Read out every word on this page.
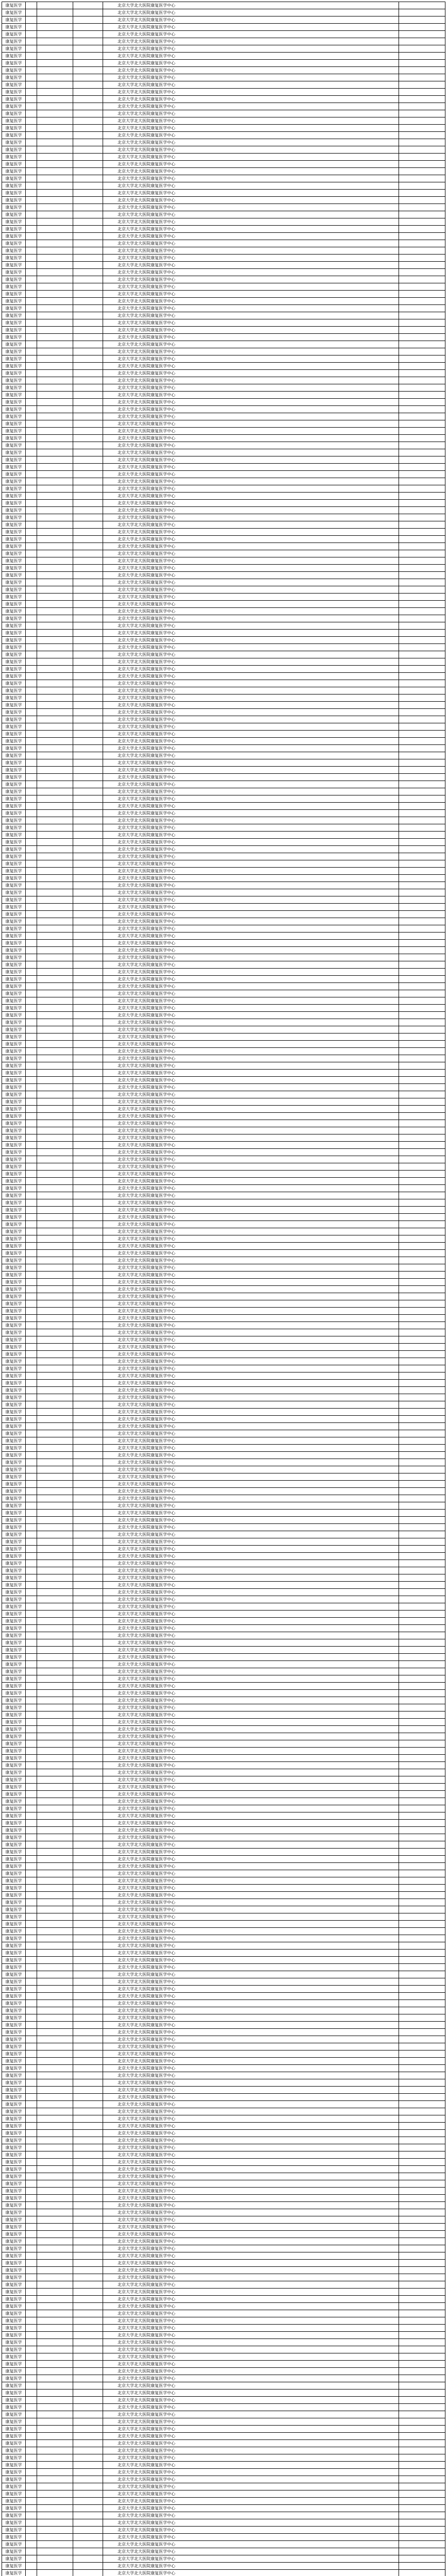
康复医学				北京大学北大医院康复医学中心	
康复医学				北京大学北大医院康复医学中心	
康复医学				北京大学北大医院康复医学中心	
康复医学				北京大学北大医院康复医学中心	
康复医学				北京大学北大医院康复医学中心	
康复医学				北京大学北大医院康复医学中心	
康复医学				北京大学北大医院康复医学中心	
康复医学				北京大学北大医院康复医学中心	
康复医学				北京大学北大医院康复医学中心	
康复医学				北京大学北大医院康复医学中心	
康复医学				北京大学北大医院康复医学中心	
康复医学				北京大学北大医院康复医学中心	
康复医学				北京大学北大医院康复医学中心	
康复医学				北京大学北大医院康复医学中心	
康复医学				北京大学北大医院康复医学中心	
康复医学				北京大学北大医院康复医学中心	
康复医学				北京大学北大医院康复医学中心	
康复医学				北京大学北大医院康复医学中心	
康复医学				北京大学北大医院康复医学中心	
康复医学				北京大学北大医院康复医学中心	
康复医学				北京大学北大医院康复医学中心	
康复医学				北京大学北大医院康复医学中心	
康复医学				北京大学北大医院康复医学中心	
康复医学				北京大学北大医院康复医学中心	
康复医学				北京大学北大医院康复医学中心	
康复医学				北京大学北大医院康复医学中心	
康复医学				北京大学北大医院康复医学中心	
康复医学				北京大学北大医院康复医学中心	
康复医学				北京大学北大医院康复医学中心	
康复医学				北京大学北大医院康复医学中心	
康复医学				北京大学北大医院康复医学中心	
康复医学				北京大学北大医院康复医学中心	
康复医学				北京大学北大医院康复医学中心	
康复医学				北京大学北大医院康复医学中心	
康复医学				北京大学北大医院康复医学中心	
康复医学				北京大学北大医院康复医学中心	
康复医学				北京大学北大医院康复医学中心	
康复医学				北京大学北大医院康复医学中心	
康复医学				北京大学北大医院康复医学中心	
康复医学				北京大学北大医院康复医学中心	
康复医学				北京大学北大医院康复医学中心	
康复医学				北京大学北大医院康复医学中心	
康复医学				北京大学北大医院康复医学中心	
康复医学				北京大学北大医院康复医学中心	
康复医学				北京大学北大医院康复医学中心	
康复医学				北京大学北大医院康复医学中心	
康复医学				北京大学北大医院康复医学中心	
康复医学				北京大学北大医院康复医学中心	
康复医学				北京大学北大医院康复医学中心	
康复医学				北京大学北大医院康复医学中心	
康复医学				北京大学北大医院康复医学中心	
康复医学				北京大学北大医院康复医学中心	
康复医学				北京大学北大医院康复医学中心	
康复医学				北京大学北大医院康复医学中心	
康复医学				北京大学北大医院康复医学中心	
康复医学				北京大学北大医院康复医学中心	
康复医学				北京大学北大医院康复医学中心	
康复医学				北京大学北大医院康复医学中心	
康复医学				北京大学北大医院康复医学中心	
康复医学				北京大学北大医院康复医学中心	
康复医学				北京大学北大医院康复医学中心	
康复医学				北京大学北大医院康复医学中心	
康复医学				北京大学北大医院康复医学中心	
康复医学				北京大学北大医院康复医学中心	
康复医学				北京大学北大医院康复医学中心	
康复医学				北京大学北大医院康复医学中心	
康复医学				北京大学北大医院康复医学中心	
康复医学				北京大学北大医院康复医学中心	
康复医学				北京大学北大医院康复医学中心	
康复医学				北京大学北大医院康复医学中心	
康复医学				北京大学北大医院康复医学中心	
康复医学				北京大学北大医院康复医学中心	
康复医学				北京大学北大医院康复医学中心	
康复医学				北京大学北大医院康复医学中心	
康复医学				北京大学北大医院康复医学中心	
康复医学				北京大学北大医院康复医学中心	
康复医学				北京大学北大医院康复医学中心	
康复医学				北京大学北大医院康复医学中心	
康复医学				北京大学北大医院康复医学中心	
康复医学				北京大学北大医院康复医学中心	
康复医学				北京大学北大医院康复医学中心	
康复医学				北京大学北大医院康复医学中心	
康复医学				北京大学北大医院康复医学中心	
康复医学				北京大学北大医院康复医学中心	
康复医学				北京大学北大医院康复医学中心	
康复医学				北京大学北大医院康复医学中心	
康复医学				北京大学北大医院康复医学中心	
康复医学				北京大学北大医院康复医学中心	
康复医学				北京大学北大医院康复医学中心	
康复医学				北京大学北大医院康复医学中心	
康复医学				北京大学北大医院康复医学中心	
康复医学				北京大学北大医院康复医学中心	
康复医学				北京大学北大医院康复医学中心	
康复医学				北京大学北大医院康复医学中心	
康复医学				北京大学北大医院康复医学中心	
康复医学				北京大学北大医院康复医学中心	
康复医学				北京大学北大医院康复医学中心	
康复医学				北京大学北大医院康复医学中心	
康复医学				北京大学北大医院康复医学中心	
康复医学				北京大学北大医院康复医学中心	
康复医学				北京大学北大医院康复医学中心	
康复医学				北京大学北大医院康复医学中心	
康复医学				北京大学北大医院康复医学中心	
康复医学				北京大学北大医院康复医学中心	
康复医学				北京大学北大医院康复医学中心	
康复医学				北京大学北大医院康复医学中心	
康复医学				北京大学北大医院康复医学中心	
康复医学				北京大学北大医院康复医学中心	
康复医学				北京大学北大医院康复医学中心	
康复医学				北京大学北大医院康复医学中心	
康复医学				北京大学北大医院康复医学中心	
康复医学				北京大学北大医院康复医学中心	
康复医学				北京大学北大医院康复医学中心	
康复医学				北京大学北大医院康复医学中心	
康复医学				北京大学北大医院康复医学中心	
康复医学				北京大学北大医院康复医学中心	
康复医学				北京大学北大医院康复医学中心	
康复医学				北京大学北大医院康复医学中心	
康复医学				北京大学北大医院康复医学中心	
康复医学				北京大学北大医院康复医学中心	
康复医学				北京大学北大医院康复医学中心	
康复医学				北京大学北大医院康复医学中心	
康复医学				北京大学北大医院康复医学中心	
康复医学				北京大学北大医院康复医学中心	
康复医学				北京大学北大医院康复医学中心	
康复医学				北京大学北大医院康复医学中心	
康复医学				北京大学北大医院康复医学中心	
康复医学				北京大学北大医院康复医学中心	
康复医学				北京大学北大医院康复医学中心	
康复医学				北京大学北大医院康复医学中心	
康复医学				北京大学北大医院康复医学中心	
康复医学				北京大学北大医院康复医学中心	
康复医学				北京大学北大医院康复医学中心	
康复医学				北京大学北大医院康复医学中心	
康复医学				北京大学北大医院康复医学中心	
康复医学				北京大学北大医院康复医学中心	
康复医学				北京大学北大医院康复医学中心	
康复医学				北京大学北大医院康复医学中心	
康复医学				北京大学北大医院康复医学中心	
康复医学				北京大学北大医院康复医学中心	
康复医学				北京大学北大医院康复医学中心	
康复医学				北京大学北大医院康复医学中心	
康复医学				北京大学北大医院康复医学中心	
康复医学				北京大学北大医院康复医学中心	
康复医学				北京大学北大医院康复医学中心	
康复医学				北京大学北大医院康复医学中心	
康复医学				北京大学北大医院康复医学中心	
康复医学				北京大学北大医院康复医学中心	
康复医学				北京大学北大医院康复医学中心	
康复医学				北京大学北大医院康复医学中心	
康复医学				北京大学北大医院康复医学中心	
康复医学				北京大学北大医院康复医学中心	
康复医学				北京大学北大医院康复医学中心	
康复医学				北京大学北大医院康复医学中心	
康复医学				北京大学北大医院康复医学中心	
康复医学				北京大学北大医院康复医学中心	
康复医学				北京大学北大医院康复医学中心	
康复医学				北京大学北大医院康复医学中心	
康复医学				北京大学北大医院康复医学中心	
康复医学				北京大学北大医院康复医学中心	
康复医学				北京大学北大医院康复医学中心	
康复医学				北京大学北大医院康复医学中心	
康复医学				北京大学北大医院康复医学中心	
康复医学				北京大学北大医院康复医学中心	
康复医学				北京大学北大医院康复医学中心	
康复医学				北京大学北大医院康复医学中心	
康复医学				北京大学北大医院康复医学中心	
康复医学				北京大学北大医院康复医学中心	
康复医学				北京大学北大医院康复医学中心	
康复医学				北京大学北大医院康复医学中心	
康复医学				北京大学北大医院康复医学中心	
康复医学				北京大学北大医院康复医学中心	
康复医学				北京大学北大医院康复医学中心	
康复医学				北京大学北大医院康复医学中心	
康复医学				北京大学北大医院康复医学中心	
康复医学				北京大学北大医院康复医学中心	
康复医学				北京大学北大医院康复医学中心	
康复医学				北京大学北大医院康复医学中心	
康复医学				北京大学北大医院康复医学中心	
康复医学				北京大学北大医院康复医学中心	
康复医学				北京大学北大医院康复医学中心	
康复医学				北京大学北大医院康复医学中心	
康复医学				北京大学北大医院康复医学中心	
康复医学				北京大学北大医院康复医学中心	
康复医学				北京大学北大医院康复医学中心	
康复医学				北京大学北大医院康复医学中心	
康复医学				北京大学北大医院康复医学中心	
康复医学				北京大学北大医院康复医学中心	
康复医学				北京大学北大医院康复医学中心	
康复医学				北京大学北大医院康复医学中心	
康复医学				北京大学北大医院康复医学中心	
康复医学				北京大学北大医院康复医学中心	
康复医学				北京大学北大医院康复医学中心	
康复医学				北京大学北大医院康复医学中心	
康复医学				北京大学北大医院康复医学中心	
康复医学				北京大学北大医院康复医学中心	
康复医学				北京大学北大医院康复医学中心	
康复医学				北京大学北大医院康复医学中心	
康复医学				北京大学北大医院康复医学中心	
康复医学				北京大学北大医院康复医学中心	
康复医学				北京大学北大医院康复医学中心	
康复医学				北京大学北大医院康复医学中心	
康复医学				北京大学北大医院康复医学中心	
康复医学				北京大学北大医院康复医学中心	
康复医学				北京大学北大医院康复医学中心	
康复医学				北京大学北大医院康复医学中心	
康复医学				北京大学北大医院康复医学中心	
康复医学				北京大学北大医院康复医学中心	
康复医学				北京大学北大医院康复医学中心	
康复医学				北京大学北大医院康复医学中心	
康复医学				北京大学北大医院康复医学中心	
康复医学				北京大学北大医院康复医学中心	
康复医学				北京大学北大医院康复医学中心	
康复医学				北京大学北大医院康复医学中心	
康复医学				北京大学北大医院康复医学中心	
康复医学				北京大学北大医院康复医学中心	
康复医学				北京大学北大医院康复医学中心	
康复医学				北京大学北大医院康复医学中心	
康复医学				北京大学北大医院康复医学中心	
康复医学				北京大学北大医院康复医学中心	
康复医学				北京大学北大医院康复医学中心	
康复医学				北京大学北大医院康复医学中心	
康复医学				北京大学北大医院康复医学中心	
康复医学				北京大学北大医院康复医学中心	
康复医学				北京大学北大医院康复医学中心	
康复医学				北京大学北大医院康复医学中心	
康复医学				北京大学北大医院康复医学中心	
康复医学				北京大学北大医院康复医学中心	
康复医学				北京大学北大医院康复医学中心	
康复医学				北京大学北大医院康复医学中心	
康复医学				北京大学北大医院康复医学中心	
康复医学				北京大学北大医院康复医学中心	
康复医学				北京大学北大医院康复医学中心	
康复医学				北京大学北大医院康复医学中心	
康复医学				北京大学北大医院康复医学中心	
康复医学				北京大学北大医院康复医学中心	
康复医学				北京大学北大医院康复医学中心	
康复医学				北京大学北大医院康复医学中心	
康复医学				北京大学北大医院康复医学中心	
康复医学				北京大学北大医院康复医学中心	
康复医学				北京大学北大医院康复医学中心	
康复医学				北京大学北大医院康复医学中心	
康复医学				北京大学北大医院康复医学中心	
康复医学				北京大学北大医院康复医学中心	
康复医学				北京大学北大医院康复医学中心	
康复医学				北京大学北大医院康复医学中心	
康复医学				北京大学北大医院康复医学中心	
康复医学				北京大学北大医院康复医学中心	
康复医学				北京大学北大医院康复医学中心	
康复医学				北京大学北大医院康复医学中心	
康复医学				北京大学北大医院康复医学中心	
康复医学				北京大学北大医院康复医学中心	
康复医学				北京大学北大医院康复医学中心	
康复医学				北京大学北大医院康复医学中心	
康复医学				北京大学北大医院康复医学中心	
康复医学				北京大学北大医院康复医学中心	
康复医学				北京大学北大医院康复医学中心	
康复医学				北京大学北大医院康复医学中心	
康复医学				北京大学北大医院康复医学中心	
康复医学				北京大学北大医院康复医学中心	
康复医学				北京大学北大医院康复医学中心	
康复医学				北京大学北大医院康复医学中心	
康复医学				北京大学北大医院康复医学中心	
康复医学				北京大学北大医院康复医学中心	
康复医学				北京大学北大医院康复医学中心	
康复医学				北京大学北大医院康复医学中心	
康复医学				北京大学北大医院康复医学中心	
康复医学				北京大学北大医院康复医学中心	
康复医学				北京大学北大医院康复医学中心	
康复医学				北京大学北大医院康复医学中心	
康复医学				北京大学北大医院康复医学中心	
康复医学				北京大学北大医院康复医学中心	
康复医学				北京大学北大医院康复医学中心	
康复医学				北京大学北大医院康复医学中心	
康复医学				北京大学北大医院康复医学中心	
康复医学				北京大学北大医院康复医学中心	
康复医学				北京大学北大医院康复医学中心	
康复医学				北京大学北大医院康复医学中心	
康复医学				北京大学北大医院康复医学中心	
康复医学				北京大学北大医院康复医学中心	
康复医学				北京大学北大医院康复医学中心	
康复医学				北京大学北大医院康复医学中心	
康复医学				北京大学北大医院康复医学中心	
康复医学				北京大学北大医院康复医学中心	
康复医学				北京大学北大医院康复医学中心	
康复医学				北京大学北大医院康复医学中心	
康复医学				北京大学北大医院康复医学中心	
康复医学				北京大学北大医院康复医学中心	
康复医学				北京大学北大医院康复医学中心	
康复医学				北京大学北大医院康复医学中心	
康复医学				北京大学北大医院康复医学中心	
康复医学				北京大学北大医院康复医学中心	
康复医学				北京大学北大医院康复医学中心	
康复医学				北京大学北大医院康复医学中心	
康复医学				北京大学北大医院康复医学中心	
康复医学				北京大学北大医院康复医学中心	
康复医学				北京大学北大医院康复医学中心	
康复医学				北京大学北大医院康复医学中心	
康复医学				北京大学北大医院康复医学中心	
康复医学				北京大学北大医院康复医学中心	
康复医学				北京大学北大医院康复医学中心	
康复医学				北京大学北大医院康复医学中心	
康复医学				北京大学北大医院康复医学中心	
康复医学				北京大学北大医院康复医学中心	
康复医学				北京大学北大医院康复医学中心	
康复医学				北京大学北大医院康复医学中心	
康复医学				北京大学北大医院康复医学中心	
康复医学				北京大学北大医院康复医学中心	
康复医学				北京大学北大医院康复医学中心	
康复医学				北京大学北大医院康复医学中心	
康复医学				北京大学北大医院康复医学中心	
康复医学				北京大学北大医院康复医学中心	
康复医学				北京大学北大医院康复医学中心	
康复医学				北京大学北大医院康复医学中心	
康复医学				北京大学北大医院康复医学中心	
康复医学				北京大学北大医院康复医学中心	
康复医学				北京大学北大医院康复医学中心	
康复医学				北京大学北大医院康复医学中心	
康复医学				北京大学北大医院康复医学中心	
康复医学				北京大学北大医院康复医学中心	
康复医学				北京大学北大医院康复医学中心	
康复医学				北京大学北大医院康复医学中心	
康复医学				北京大学北大医院康复医学中心	
康复医学				北京大学北大医院康复医学中心	
康复医学				北京大学北大医院康复医学中心	
康复医学				北京大学北大医院康复医学中心	
康复医学				北京大学北大医院康复医学中心	
康复医学				北京大学北大医院康复医学中心	
康复医学				北京大学北大医院康复医学中心	
康复医学				北京大学北大医院康复医学中心	
康复医学				北京大学北大医院康复医学中心	
康复医学				北京大学北大医院康复医学中心	
康复医学				北京大学北大医院康复医学中心	
康复医学				北京大学北大医院康复医学中心	
康复医学				北京大学北大医院康复医学中心	
康复医学				北京大学北大医院康复医学中心	
康复医学				北京大学北大医院康复医学中心	
康复医学				北京大学北大医院康复医学中心	
康复医学				北京大学北大医院康复医学中心	
康复医学				北京大学北大医院康复医学中心	
康复医学				北京大学北大医院康复医学中心	
康复医学				北京大学北大医院康复医学中心	
康复医学				北京大学北大医院康复医学中心	
康复医学				北京大学北大医院康复医学中心	
康复医学				北京大学北大医院康复医学中心	
康复医学				北京大学北大医院康复医学中心	
康复医学				北京大学北大医院康复医学中心	
康复医学				北京大学北大医院康复医学中心	
康复医学				北京大学北大医院康复医学中心	
康复医学				北京大学北大医院康复医学中心	
康复医学				北京大学北大医院康复医学中心	
康复医学				北京大学北大医院康复医学中心	
康复医学				北京大学北大医院康复医学中心	
康复医学				北京大学北大医院康复医学中心	
康复医学				北京大学北大医院康复医学中心	
康复医学				北京大学北大医院康复医学中心	
康复医学				北京大学北大医院康复医学中心	
